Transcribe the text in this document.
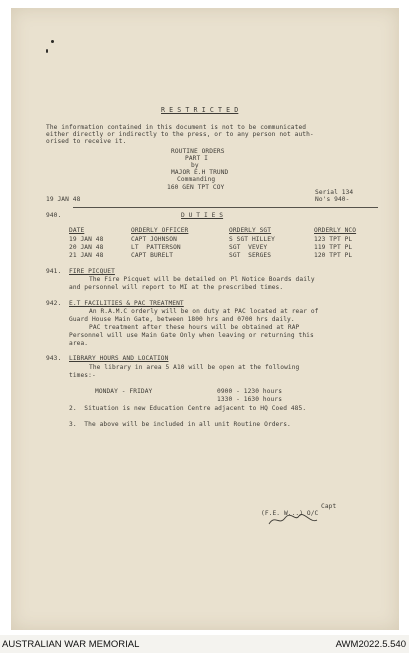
R E S T R I C T E D
The information contained in this document is not to be communicated
either directly or indirectly to the press, or to any person not auth-
orised to receive it.
ROUTINE ORDERS
PART I
by
MAJOR E.H TRUND
Commanding
160 GEN TPT COY
19 JAN 48
Serial 134
No's 940-
940.	D U T I E S
DATE	ORDERLY OFFICER	ORDERLY SGT	ORDERLY NCO
19 JAN 48	CAPT JOHNSON	S SGT HILLEY	123 TPT PL
20 JAN 48	LT  PATTERSON	SGT  VEVEY	119 TPT PL
21 JAN 48	CAPT BURELT	SGT  SERGES	120 TPT PL
941. FIRE PICQUET
The Fire Picquet will be detailed on Pl Notice Boards daily
and personnel will report to MI at the prescribed times.
942. E.T FACILITIES & PAC TREATMENT
An R.A.M.C orderly will be on duty at PAC located at rear of
Guard House Main Gate, between 1800 hrs and 0700 hrs daily.
PAC treatment after these hours will be obtained at RAP
Personnel will use Main Gate Only when leaving or returning this
area.
943. LIBRARY HOURS AND LOCATION
The library in area 5 A10 will be open at the following
times:-
MONDAY - FRIDAY	0900 - 1230 hours
1330 - 1630 hours
2.  Situation is new Education Centre adjacent to HQ Coed 485.
3.  The above will be included in all unit Routine Orders.
Capt
(F.E. W...) O/C
AUSTRALIAN WAR MEMORIAL	AWM2022.5.540
